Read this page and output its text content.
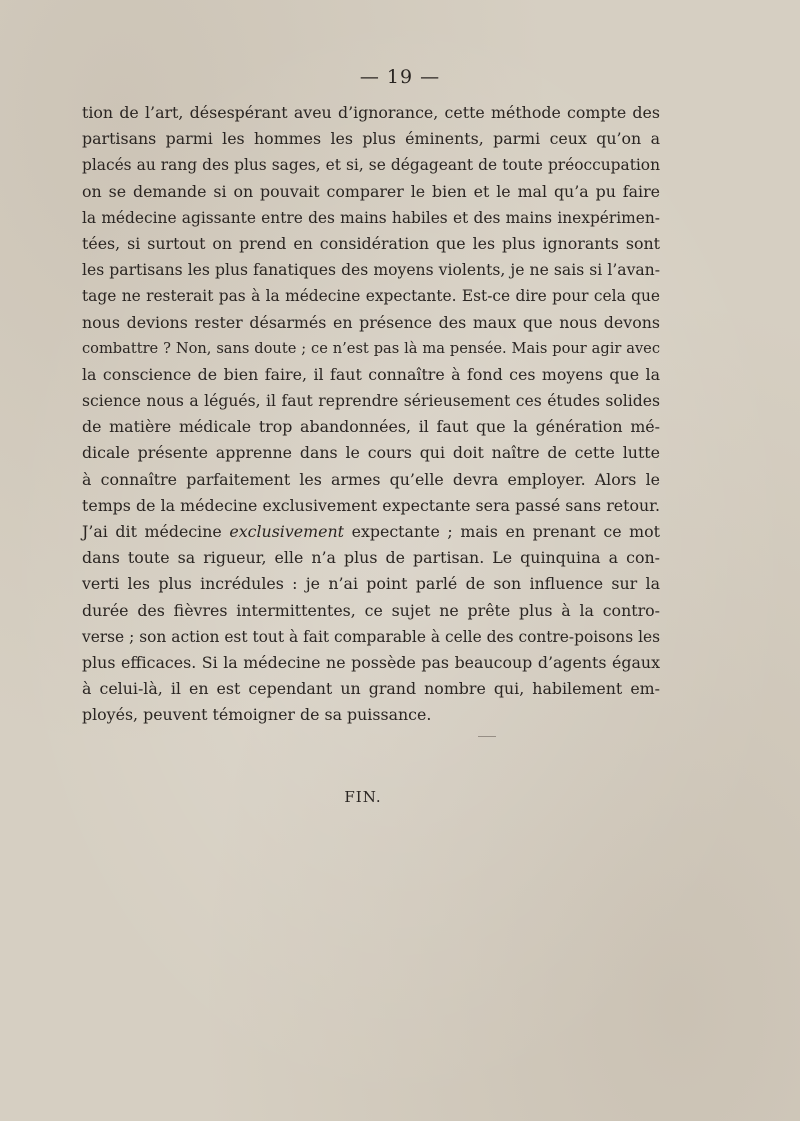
— 19 —
tion de l’art, désespérant aveu d’ignorance, cette méthode compte des
partisans parmi les hommes les plus éminents, parmi ceux qu’on a
placés au rang des plus sages, et si, se dégageant de toute préoccupation
on se demande si on pouvait comparer le bien et le mal qu’a pu faire
la médecine agissante entre des mains habiles et des mains inexpérimen-
tées, si surtout on prend en considération que les plus ignorants sont
les partisans les plus fanatiques des moyens violents, je ne sais si l’avan-
tage ne resterait pas à la médecine expectante. Est-ce dire pour cela que
nous devions rester désarmés en présence des maux que nous devons
combattre ? Non, sans doute ; ce n’est pas là ma pensée. Mais pour agir avec
la conscience de bien faire, il faut connaître à fond ces moyens que la
science nous a légués, il faut reprendre sérieusement ces études solides
de matière médicale trop abandonnées, il faut que la génération mé-
dicale présente apprenne dans le cours qui doit naître de cette lutte
à connaître parfaitement les armes qu’elle devra employer. Alors le
temps de la médecine exclusivement expectante sera passé sans retour.
J’ai dit médecine exclusivement expectante ; mais en prenant ce mot
dans toute sa rigueur, elle n’a plus de partisan. Le quinquina a con-
verti les plus incrédules : je n’ai point parlé de son influence sur la
durée des fièvres intermittentes, ce sujet ne prête plus à la contro-
verse ; son action est tout à fait comparable à celle des contre-poisons les
plus efficaces. Si la médecine ne possède pas beaucoup d’agents égaux
à celui-là, il en est cependant un grand nombre qui, habilement em-
ployés, peuvent témoigner de sa puissance.
FIN.
